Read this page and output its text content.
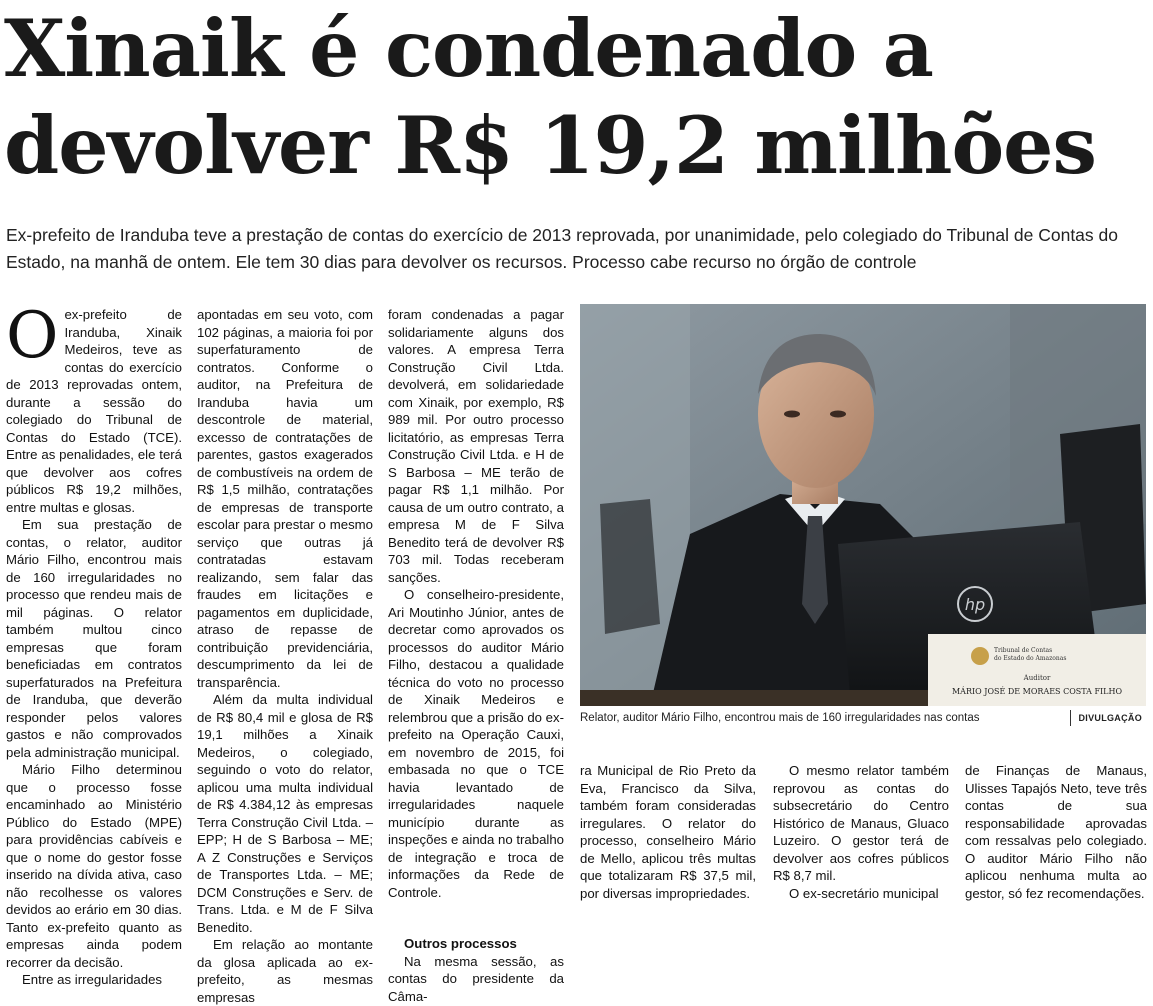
Xinaik é condenado a
devolver R$ 19,2 milhões

Ex-prefeito de Iranduba teve a prestação de contas do exercício de 2013 reprovada, por unanimidade, pelo colegiado do Tribunal de Contas do Estado, na manhã de ontem. Ele tem 30 dias para devolver os recursos. Processo cabe recurso no órgão de controle

Oex-prefeito de Iranduba, Xinaik Medeiros, teve as contas do exercício de 2013 reprovadas ontem, durante a sessão do colegiado do Tribunal de Contas do Estado (TCE). Entre as penalidades, ele terá que devolver aos cofres públicos R$ 19,2 milhões, entre multas e glosas.

Em sua prestação de contas, o relator, auditor Mário Filho, encontrou mais de 160 irregularidades no processo que rendeu mais de mil páginas. O relator também multou cinco empresas que foram beneficiadas em contratos superfaturados na Prefeitura de Iranduba, que deverão responder pelos valores gastos e não comprovados pela administração municipal.

Mário Filho determinou que o processo fosse encaminhado ao Ministério Público do Estado (MPE) para providências cabíveis e que o nome do gestor fosse inserido na dívida ativa, caso não recolhesse os valores devidos ao erário em 30 dias. Tanto ex-prefeito quanto as empresas ainda podem recorrer da decisão.

Entre as irregularidades

apontadas em seu voto, com 102 páginas, a maioria foi por superfaturamento de contratos. Conforme o auditor, na Prefeitura de Iranduba havia um descontrole de material, excesso de contratações de parentes, gastos exagerados de combustíveis na ordem de R$ 1,5 milhão, contratações de empresas de transporte escolar para prestar o mesmo serviço que outras já contratadas estavam realizando, sem falar das fraudes em licitações e pagamentos em duplicidade, atraso de repasse de contribuição previdenciária, descumprimento da lei de transparência.

Além da multa individual de R$ 80,4 mil e glosa de R$ 19,1 milhões a Xinaik Medeiros, o colegiado, seguindo o voto do relator, aplicou uma multa individual de R$ 4.384,12 às empresas Terra Construção Civil Ltda. – EPP; H de S Barbosa – ME; A Z Construções e Serviços de Transportes Ltda. – ME; DCM Construções e Serv. de Trans. Ltda. e M de F Silva Benedito.

Em relação ao montante da glosa aplicada ao ex-prefeito, as mesmas empresas

foram condenadas a pagar solidariamente alguns dos valores. A empresa Terra Construção Civil Ltda. devolverá, em solidariedade com Xinaik, por exemplo, R$ 989 mil. Por outro processo licitatório, as empresas Terra Construção Civil Ltda. e H de S Barbosa – ME terão de pagar R$ 1,1 milhão. Por causa de um outro contrato, a empresa M de F Silva Benedito terá de devolver R$ 703 mil. Todas receberam sanções.

O conselheiro-presidente, Ari Moutinho Júnior, antes de decretar como aprovados os processos do auditor Mário Filho, destacou a qualidade técnica do voto no processo de Xinaik Medeiros e relembrou que a prisão do ex-prefeito na Operação Cauxi, em novembro de 2015, foi embasada no que o TCE havia levantado de irregularidades naquele município durante as inspeções e ainda no trabalho de integração e troca de informações da Rede de Controle.

Outros processos

Na mesma sessão, as contas do presidente da Câma-

hp
Tribunal de Contas
do Estado do Amazonas
Auditor
MÁRIO JOSÉ DE MORAES COSTA FILHO
Relator, auditor Mário Filho, encontrou mais de 160 irregularidades nas contas	DIVULGAÇÃO

ra Municipal de Rio Preto da Eva, Francisco da Silva, também foram consideradas irregulares. O relator do processo, conselheiro Mário de Mello, aplicou três multas que totalizaram R$ 37,5 mil, por diversas impropriedades.

O mesmo relator também reprovou as contas do subsecretário do Centro Histórico de Manaus, Gluaco Luzeiro. O gestor terá de devolver aos cofres públicos R$ 8,7 mil.

O ex-secretário municipal

de Finanças de Manaus, Ulisses Tapajós Neto, teve três contas de sua responsabilidade aprovadas com ressalvas pelo colegiado. O auditor Mário Filho não aplicou nenhuma multa ao gestor, só fez recomendações.
